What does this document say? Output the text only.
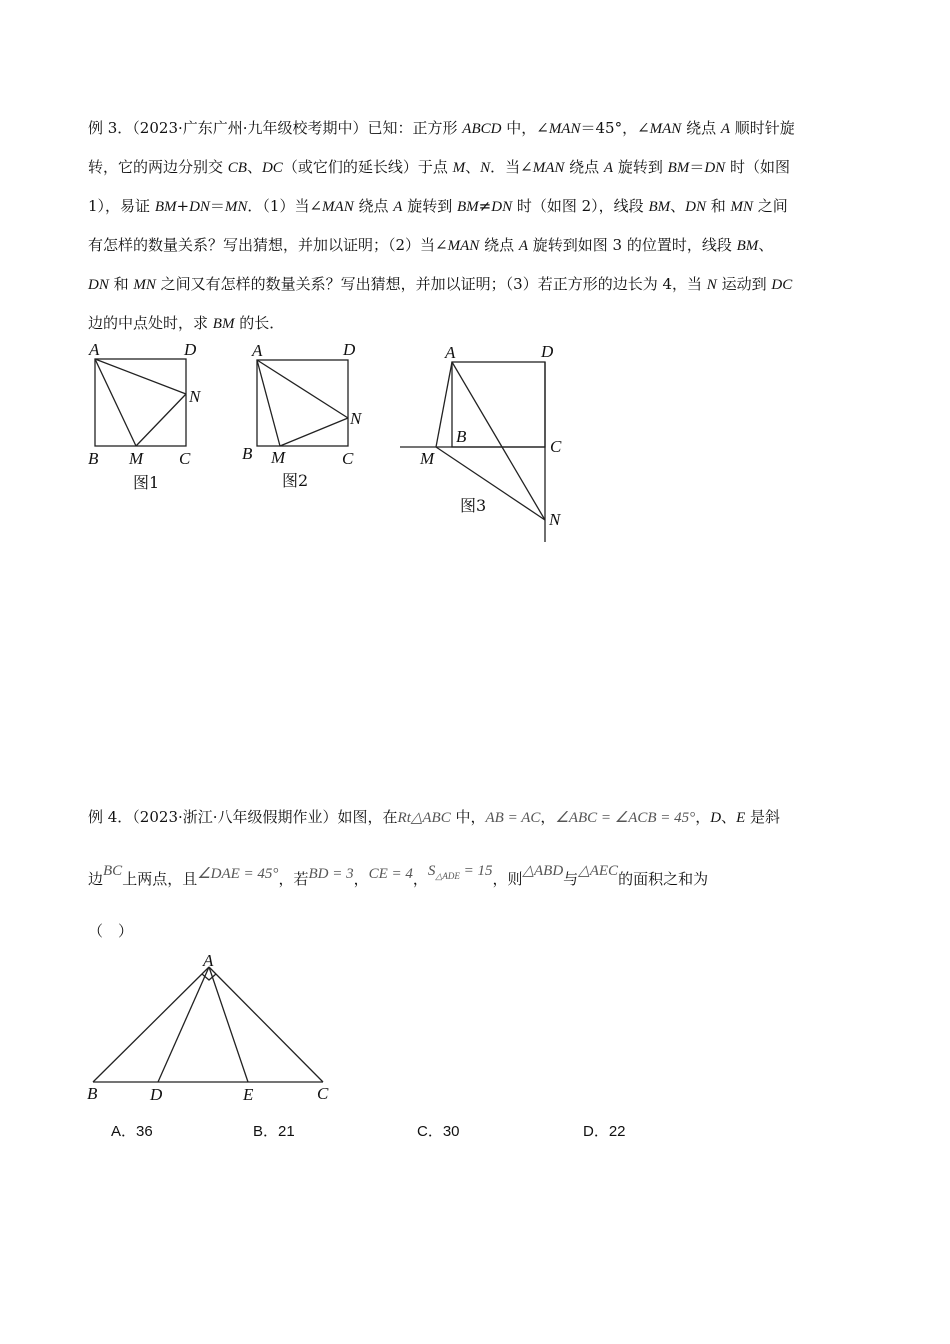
例 3．（2023·广东广州·九年级校考期中）已知：正方形 ABCD 中，∠MAN＝45°，∠MAN 绕点 A 顺时针旋
转，它的两边分别交 CB、DC（或它们的延长线）于点 M、N．当∠MAN 绕点 A 旋转到 BM＝DN 时（如图
1），易证 BM+DN＝MN．（1）当∠MAN 绕点 A 旋转到 BM≠DN 时（如图 2），线段 BM、DN 和 MN 之间
有怎样的数量关系？写出猜想，并加以证明；（2）当∠MAN 绕点 A 旋转到如图 3 的位置时，线段 BM、
DN 和 MN 之间又有怎样的数量关系？写出猜想，并加以证明；（3）若正方形的边长为 4，当 N 运动到 DC
边的中点处时，求 BM 的长．
A	D
N
B M C
图1
A	D
N
B M	C
图2
A	D
B
C
M
N
图3
例 4．（2023·浙江·八年级假期作业）如图，在Rt△ABC 中，AB = AC，∠ABC = ∠ACB = 45°，D、E 是斜
边BC上两点，且∠DAE = 45°，若BD = 3，CE = 4，$S_{\triangle ADE} = 15$，则△ABD与△AEC的面积之和为
（　）
A
B	D	E	C
A．36	B．21	C．30	D．22
